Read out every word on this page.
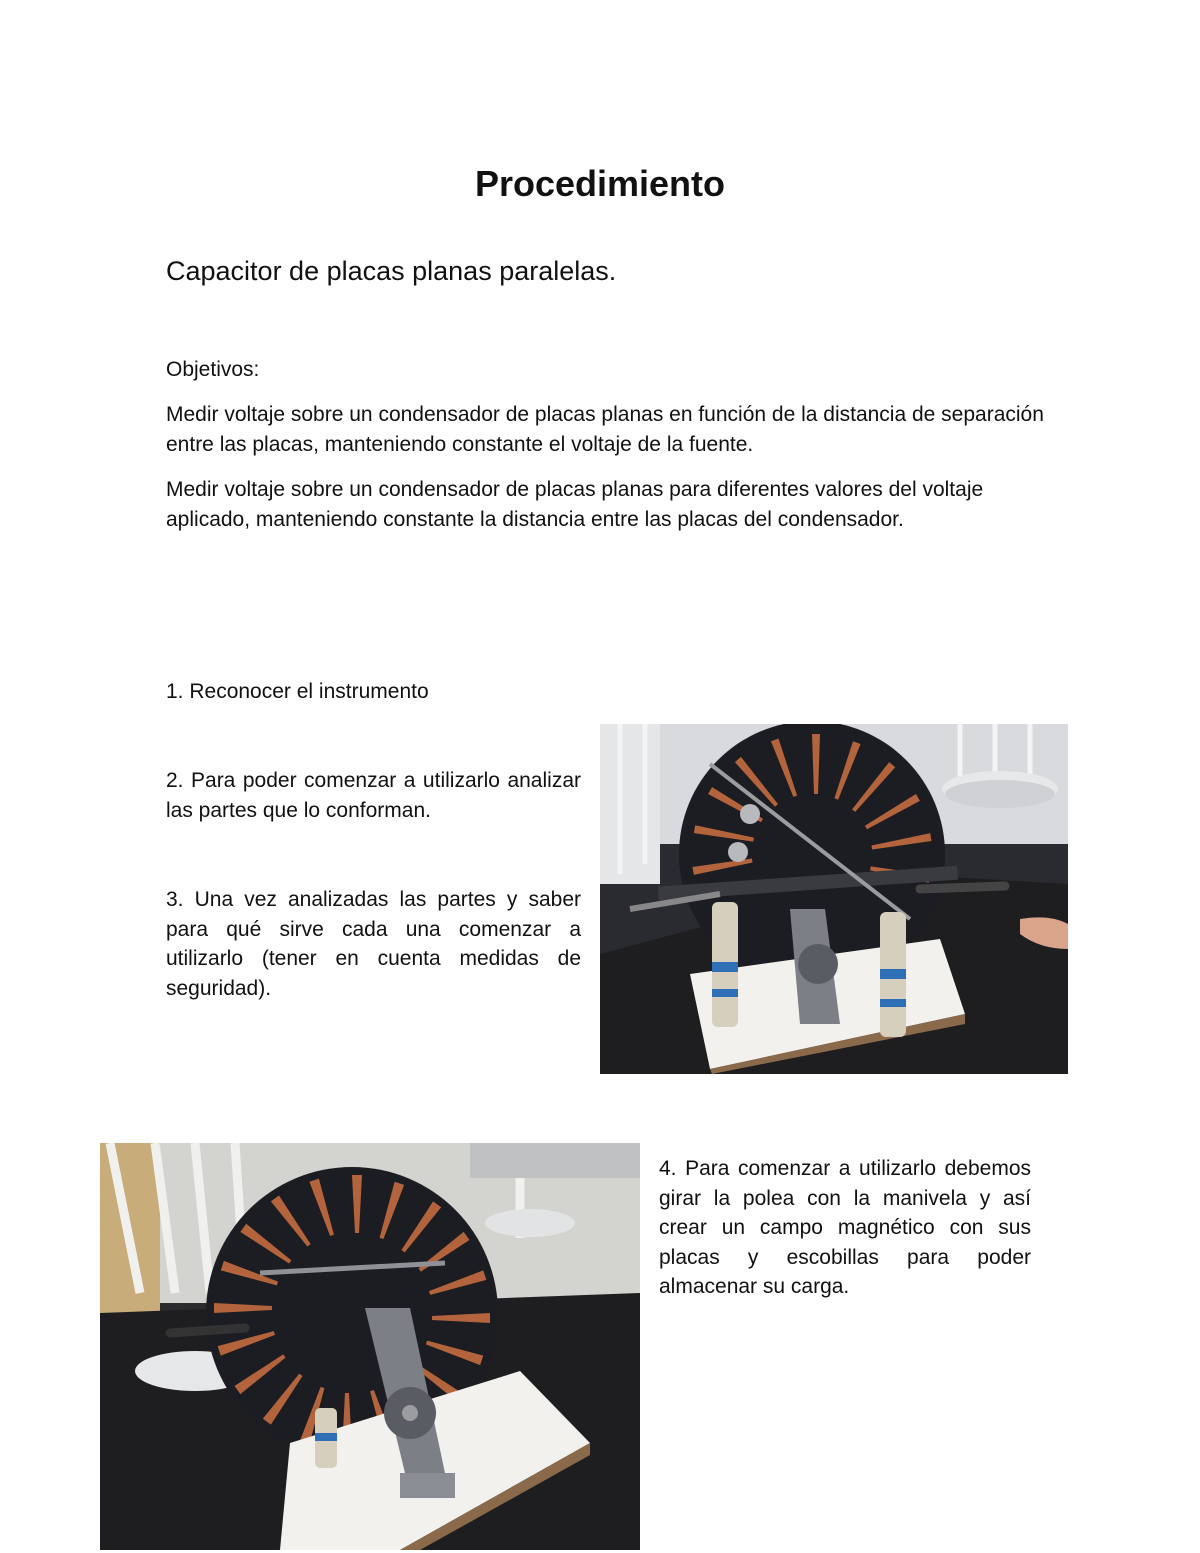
Procedimiento
Capacitor de placas planas paralelas.
Objetivos:
Medir voltaje sobre un condensador de placas planas en función de la distancia de separación entre las placas, manteniendo constante el voltaje de la fuente.
Medir voltaje sobre un condensador de placas planas para diferentes valores del voltaje aplicado, manteniendo constante la distancia entre las placas del condensador.
1. Reconocer el instrumento
2. Para poder comenzar a utilizarlo analizar las partes que lo conforman.
3. Una vez analizadas las partes y saber para qué sirve cada una comenzar a utilizarlo (tener en cuenta medidas de seguridad).
4. Para comenzar a utilizarlo debemos girar la polea con la manivela y así crear un campo magnético con sus placas y escobillas para poder almacenar su carga.
